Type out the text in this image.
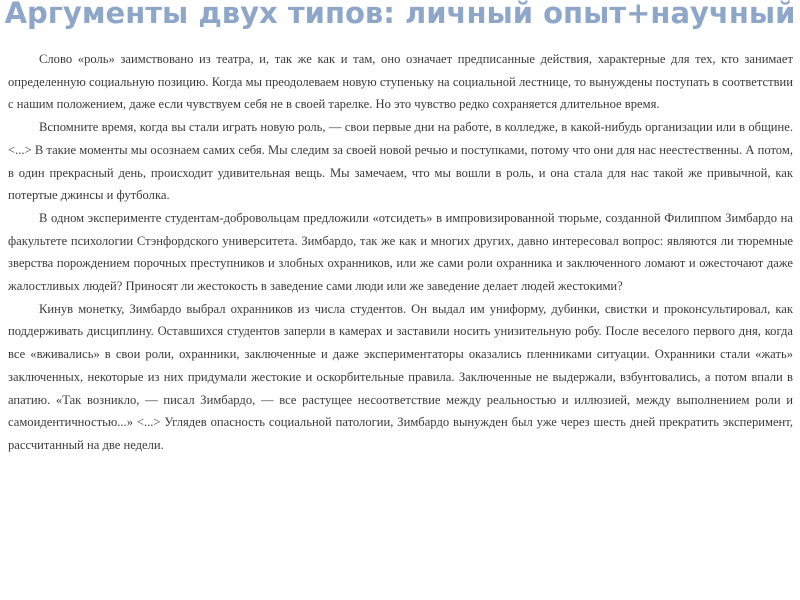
Аргументы двух типов: личный опыт+научный

Слово «роль» заимствовано из театра, и, так же как и там, оно означает предписанные действия, характерные для тех, кто занимает определенную социальную позицию. Когда мы преодолеваем новую ступеньку на социальной лестнице, то вынуждены поступать в соответствии с нашим положением, даже если чувствуем себя не в своей тарелке. Но это чувство редко сохраняется длительное время.

Вспомните время, когда вы стали играть новую роль, — свои первые дни на работе, в колледже, в какой-нибудь организации или в общине. <...> В такие моменты мы осознаем самих себя. Мы следим за своей новой речью и поступками, потому что они для нас неестественны. А потом, в один прекрасный день, происходит удивительная вещь. Мы замечаем, что мы вошли в роль, и она стала для нас такой же привычной, как потертые джинсы и футболка.

В одном эксперименте студентам-добровольцам предложили «отсидеть» в импровизированной тюрьме, созданной Филиппом Зимбардо на факультете психологии Стэнфордского университета. Зимбардо, так же как и многих других, давно интересовал вопрос: являются ли тюремные зверства порождением порочных преступников и злобных охранников, или же сами роли охранника и заключенного ломают и ожесточают даже жалостливых людей? Приносят ли жестокость в заведение сами люди или же заведение делает людей жестокими?

Кинув монетку, Зимбардо выбрал охранников из числа студентов. Он выдал им униформу, дубинки, свистки и проконсультировал, как поддерживать дисциплину. Оставшихся студентов заперли в камерах и заставили носить унизительную робу. После веселого первого дня, когда все «вживались» в свои роли, охранники, заключенные и даже экспериментаторы оказались пленниками ситуации. Охранники стали «жать» заключенных, некоторые из них придумали жестокие и оскорбительные правила. Заключенные не выдержали, взбунтовались, а потом впали в апатию. «Так возникло, — писал Зимбардо, — все растущее несоответствие между реальностью и иллюзией, между выполнением роли и самоидентичностью...» <...> Углядев опасность социальной патологии, Зимбардо вынужден был уже через шесть дней прекратить эксперимент, рассчитанный на две недели.
